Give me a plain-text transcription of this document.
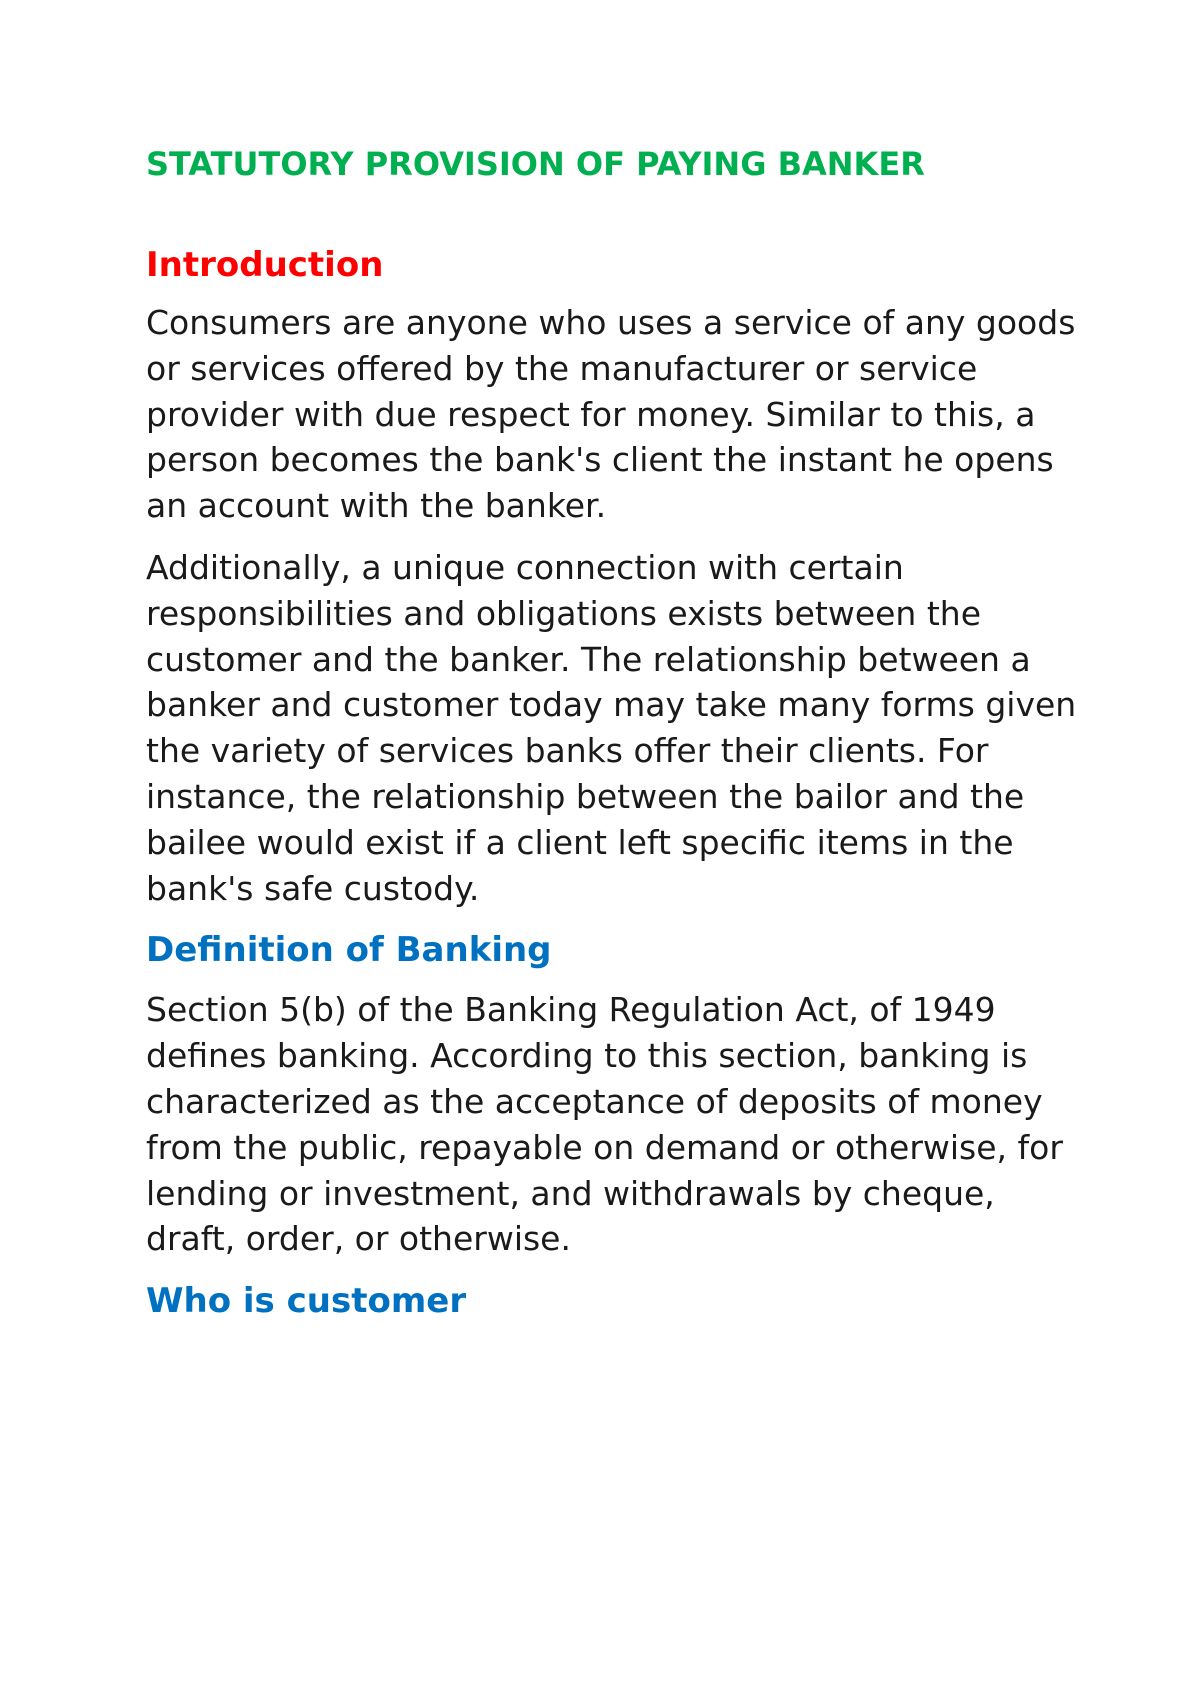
STATUTORY PROVISION OF PAYING BANKER
Introduction

Consumers are anyone who uses a service of any goods or services offered by the manufacturer or service provider with due respect for money. Similar to this, a person becomes the bank's client the instant he opens an account with the banker.

Additionally, a unique connection with certain responsibilities and obligations exists between the customer and the banker. The relationship between a banker and customer today may take many forms given the variety of services banks offer their clients. For instance, the relationship between the bailor and the bailee would exist if a client left specific items in the bank's safe custody.

Definition of Banking

Section 5(b) of the Banking Regulation Act, of 1949 defines banking. According to this section, banking is characterized as the acceptance of deposits of money from the public, repayable on demand or otherwise, for lending or investment, and withdrawals by cheque, draft, order, or otherwise.

Who is customer
